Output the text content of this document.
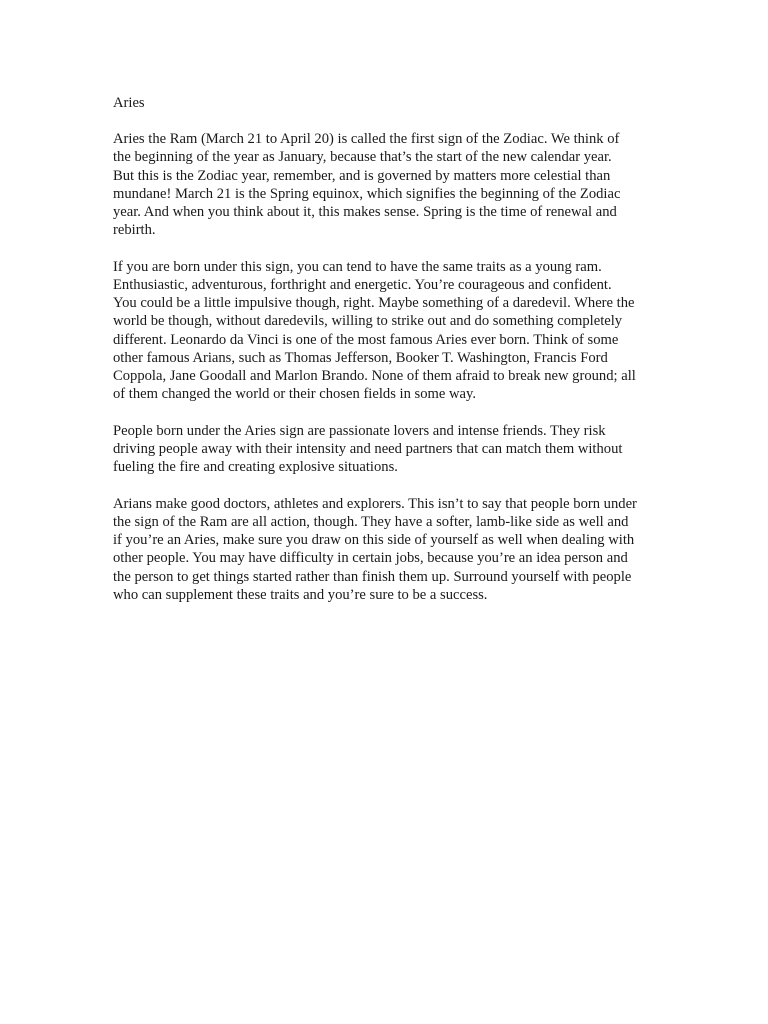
Aries
Aries the Ram (March 21 to April 20) is called the first sign of the Zodiac. We think of
the beginning of the year as January, because that’s the start of the new calendar year.
But this is the Zodiac year, remember, and is governed by matters more celestial than
mundane! March 21 is the Spring equinox, which signifies the beginning of the Zodiac
year. And when you think about it, this makes sense. Spring is the time of renewal and
rebirth.
If you are born under this sign, you can tend to have the same traits as a young ram.
Enthusiastic, adventurous, forthright and energetic. You’re courageous and confident.
You could be a little impulsive though, right. Maybe something of a daredevil. Where the
world be though, without daredevils, willing to strike out and do something completely
different. Leonardo da Vinci is one of the most famous Aries ever born. Think of some
other famous Arians, such as Thomas Jefferson, Booker T. Washington, Francis Ford
Coppola, Jane Goodall and Marlon Brando. None of them afraid to break new ground; all
of them changed the world or their chosen fields in some way.
People born under the Aries sign are passionate lovers and intense friends. They risk
driving people away with their intensity and need partners that can match them without
fueling the fire and creating explosive situations.
Arians make good doctors, athletes and explorers. This isn’t to say that people born under
the sign of the Ram are all action, though. They have a softer, lamb-like side as well and
if you’re an Aries, make sure you draw on this side of yourself as well when dealing with
other people. You may have difficulty in certain jobs, because you’re an idea person and
the person to get things started rather than finish them up. Surround yourself with people
who can supplement these traits and you’re sure to be a success.
